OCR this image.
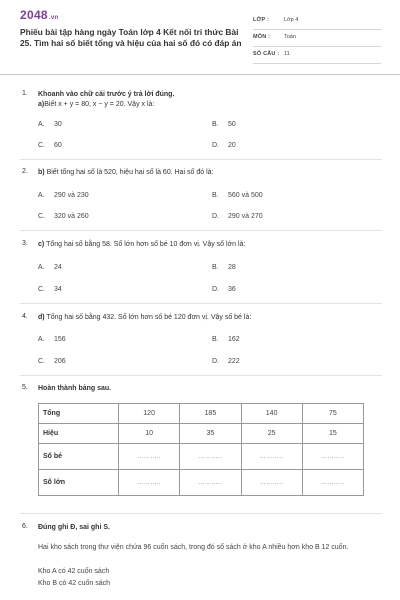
2048.vn
Phiếu bài tập hàng ngày Toán lớp 4 Kết nối tri thức Bài 25. Tìm hai số biết tổng và hiệu của hai số đó có đáp án
LỚP :	Lớp 4
MÔN :	Toán
SỐ CÂU : 11
1. Khoanh vào chữ cái trước ý trả lời đúng.
a)Biết x + y = 80, x − y = 20. Vậy x là:
A. 30	B. 50
C. 60	D. 20
2. b) Biết tổng hai số là 520, hiệu hai số là 60. Hai số đó là:
A. 290 và 230	B. 560 và 500
C. 320 và 260	D. 290 và 270
3. c) Tổng hai số bằng 58. Số lớn hơn số bé 10 đơn vị. Vậy số lớn là:
A. 24	B. 28
C. 34	D. 36
4. d) Tổng hai số bằng 432. Số lớn hơn số bé 120 đơn vị. Vậy số bé là:
A. 156	B. 162
C. 206	D. 222
5. Hoàn thành bảng sau.
Tổng	120	185	140	75
Hiệu	10	35	25	15
Số bé	………..	………..	………..	………..
Số lớn	………..	………..	………..	………..
6. Đúng ghi Đ, sai ghi S.
Hai kho sách trong thư viện chứa 96 cuốn sách, trong đó số sách ở kho A nhiều hơn kho B 12 cuốn.
Kho A có 42 cuốn sách
Kho B có 42 cuốn sách
